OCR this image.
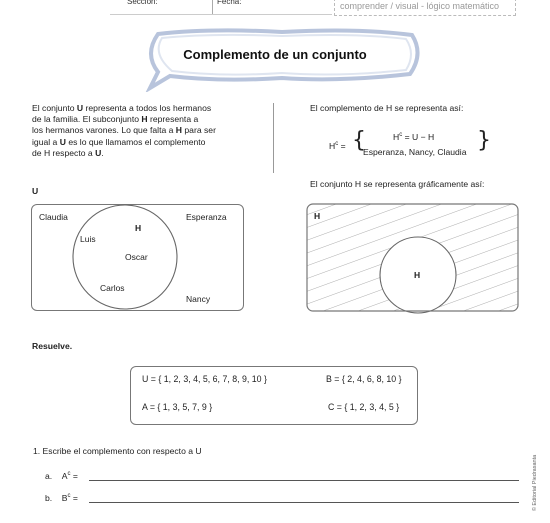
Sección:	Fecha:	comprender / visual - lógico matemático
Complemento de un conjunto
El conjunto U representa a todos los hermanos
de la familia. El subconjunto H representa a
los hermanos varones. Lo que falta a H para ser
igual a U es lo que llamamos el complemento
de H respecto a U.
El complemento de H se representa así:
$H^c = U - H$
$H^c$ = {
Esperanza, Nancy, Claudia }
El conjunto H se representa gráficamente así:
U
H
Claudia	Esperanza
Luis
Oscar
Carlos
Nancy
H
H
Resuelve.
U = { 1, 2, 3, 4, 5, 6, 7, 8, 9, 10 }	B = { 2, 4, 6, 8, 10 }
A = { 1, 3, 5, 7, 9 }	C = { 1, 2, 3, 4, 5 }
1. Escribe el complemento con respecto a U
a. $A^c$ =
b. $B^c$ =	© Editorial Piedrasanta
